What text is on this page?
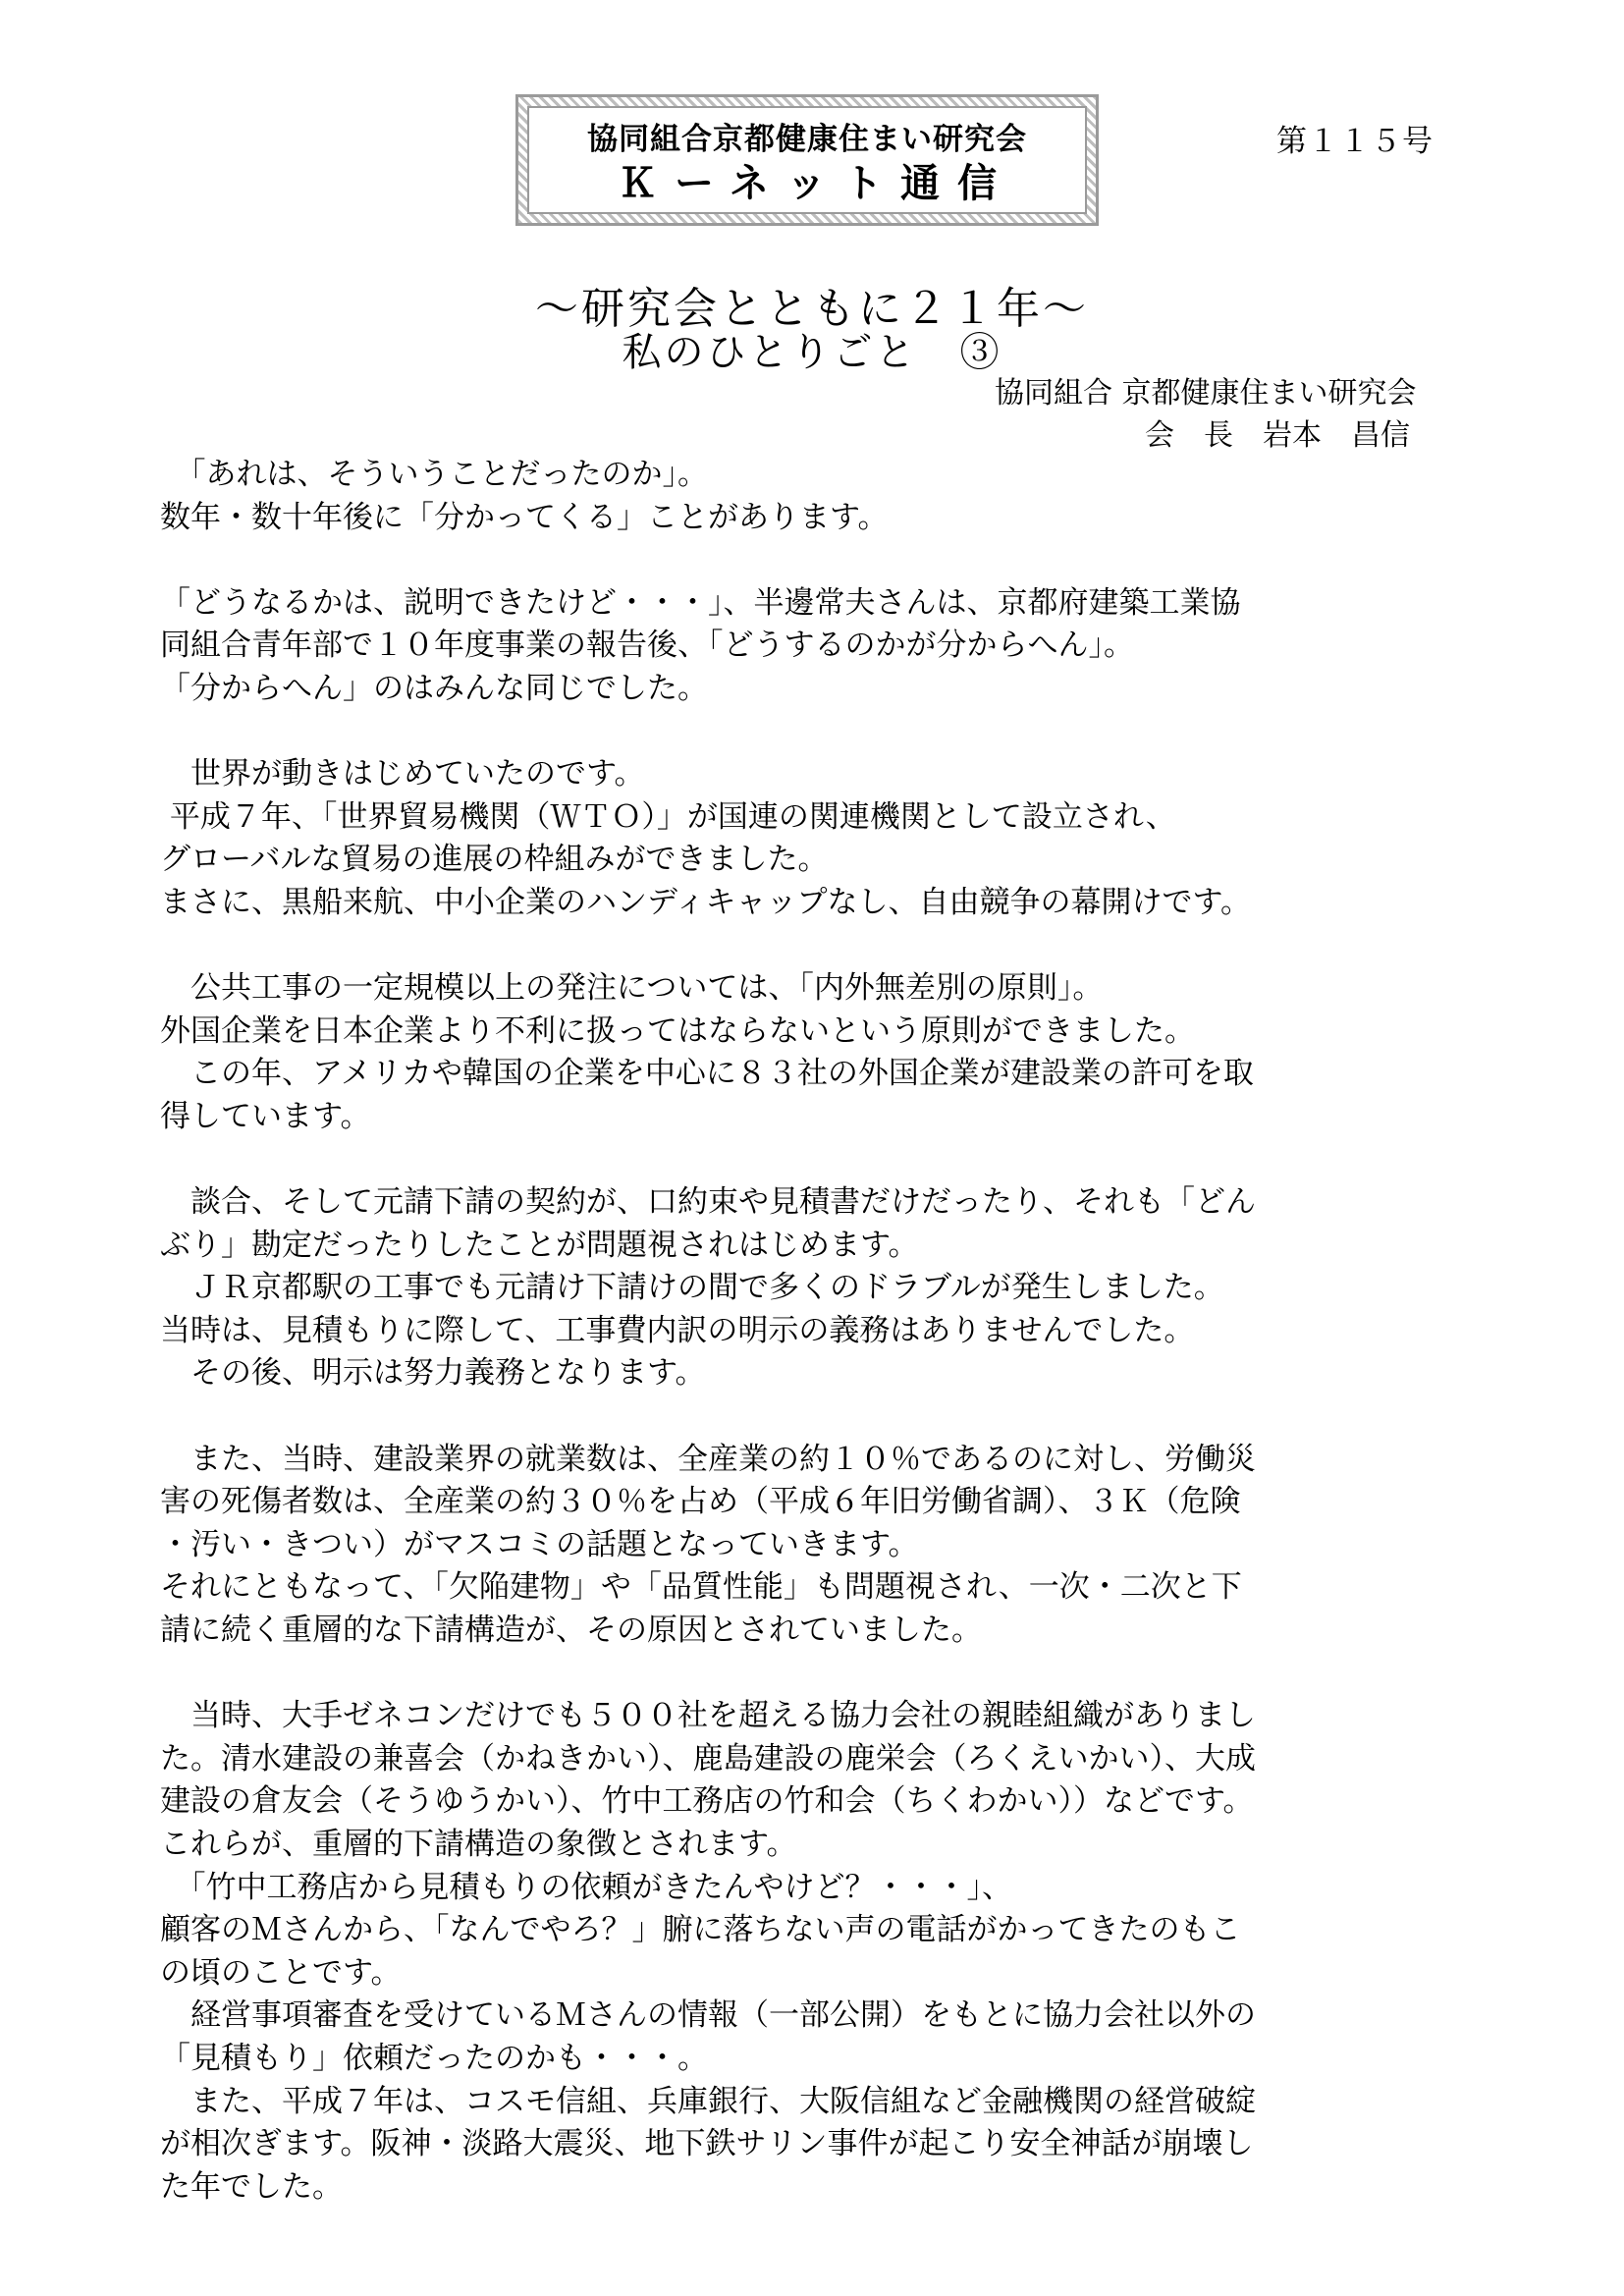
協同組合京都健康住まい研究会
Ｋーネット通信
第１１５号
～研究会とともに２１年～
私のひとりごと　③
協同組合 京都健康住まい研究会
会　長　岩本　昌信

　「あれは、そういうことだったのか」。

数年・数十年後に「分かってくる」ことがあります。

「どうなるかは、説明できたけど・・・」、半邊常夫さんは、京都府建築工業協

同組合青年部で１０年度事業の報告後、「どうするのかが分からへん」。

「分からへん」のはみんな同じでした。

　世界が動きはじめていたのです。

平成７年、「世界貿易機関（ＷＴＯ）」が国連の関連機関として設立され、

グローバルな貿易の進展の枠組みができました。

まさに、黒船来航、中小企業のハンディキャップなし、自由競争の幕開けです。

　公共工事の一定規模以上の発注については、「内外無差別の原則」。

外国企業を日本企業より不利に扱ってはならないという原則ができました。

　この年、アメリカや韓国の企業を中心に８３社の外国企業が建設業の許可を取

得しています。

　談合、そして元請下請の契約が、口約束や見積書だけだったり、それも「どん

ぶり」勘定だったりしたことが問題視されはじめます。

　ＪＲ京都駅の工事でも元請け下請けの間で多くのドラブルが発生しました。

当時は、見積もりに際して、工事費内訳の明示の義務はありませんでした。

　その後、明示は努力義務となります。

　また、当時、建設業界の就業数は、全産業の約１０％であるのに対し、労働災

害の死傷者数は、全産業の約３０％を占め（平成６年旧労働省調）、３Ｋ（危険

・汚い・きつい）がマスコミの話題となっていきます。

それにともなって、「欠陥建物」や「品質性能」も問題視され、一次・二次と下

請に続く重層的な下請構造が、その原因とされていました。

　当時、大手ゼネコンだけでも５００社を超える協力会社の親睦組織がありまし

た。清水建設の兼喜会（かねきかい）、鹿島建設の鹿栄会（ろくえいかい）、大成

建設の倉友会（そうゆうかい）、竹中工務店の竹和会（ちくわかい））などです。

これらが、重層的下請構造の象徴とされます。

　「竹中工務店から見積もりの依頼がきたんやけど？・・・」、

顧客のＭさんから、「なんでやろ？」腑に落ちない声の電話がかってきたのもこ

の頃のことです。

　経営事項審査を受けているＭさんの情報（一部公開）をもとに協力会社以外の

「見積もり」依頼だったのかも・・・。

　また、平成７年は、コスモ信組、兵庫銀行、大阪信組など金融機関の経営破綻

が相次ぎます。阪神・淡路大震災、地下鉄サリン事件が起こり安全神話が崩壊し

た年でした。
